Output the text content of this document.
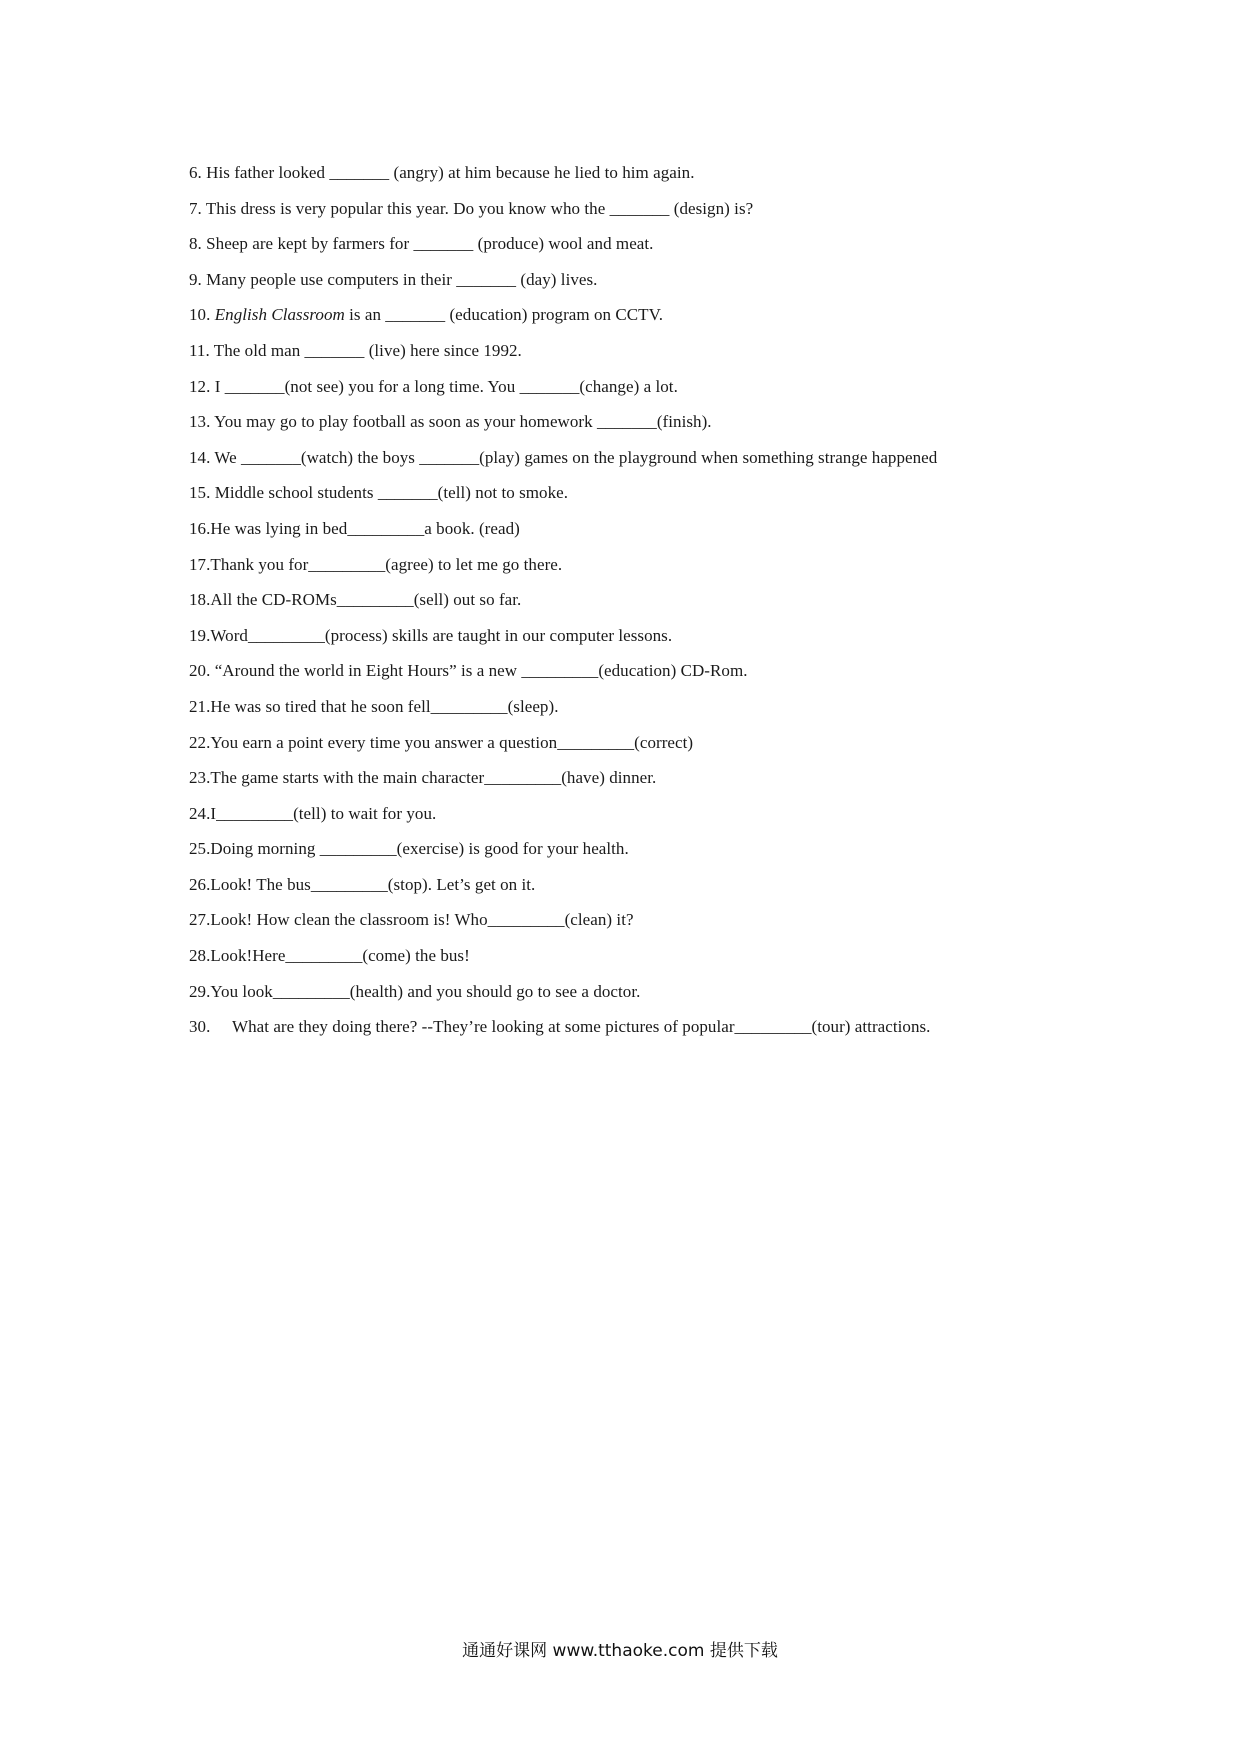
6. His father looked _______ (angry) at him because he lied to him again.
7. This dress is very popular this year. Do you know who the _______ (design) is?
8. Sheep are kept by farmers for _______ (produce) wool and meat.
9. Many people use computers in their _______ (day) lives.
10. English Classroom is an _______ (education) program on CCTV.
11. The old man _______ (live) here since 1992.
12. I _______(not see) you for a long time. You _______(change) a lot.
13. You may go to play football as soon as your homework _______(finish).
14. We _______(watch) the boys _______(play) games on the playground when something strange happened
15. Middle school students _______(tell) not to smoke.
16.He was lying in bed_________a book. (read)
17.Thank you for_________(agree) to let me go there.
18.All the CD-ROMs_________(sell) out so far.
19.Word_________(process) skills are taught in our computer lessons.
20. “Around the world in Eight Hours” is a new _________(education) CD-Rom.
21.He was so tired that he soon fell_________(sleep).
22.You earn a point every time you answer a question_________(correct)
23.The game starts with the main character_________(have) dinner.
24.I_________(tell) to wait for you.
25.Doing morning _________(exercise) is good for your health.
26.Look! The bus_________(stop). Let’s get on it.
27.Look! How clean the classroom is! Who_________(clean) it?
28.Look!Here_________(come) the bus!
29.You look_________(health) and you should go to see a doctor.
30. What are they doing there? --They’re looking at some pictures of popular_________(tour) attractions.
通通好课网 www.tthaoke.com 提供下载
